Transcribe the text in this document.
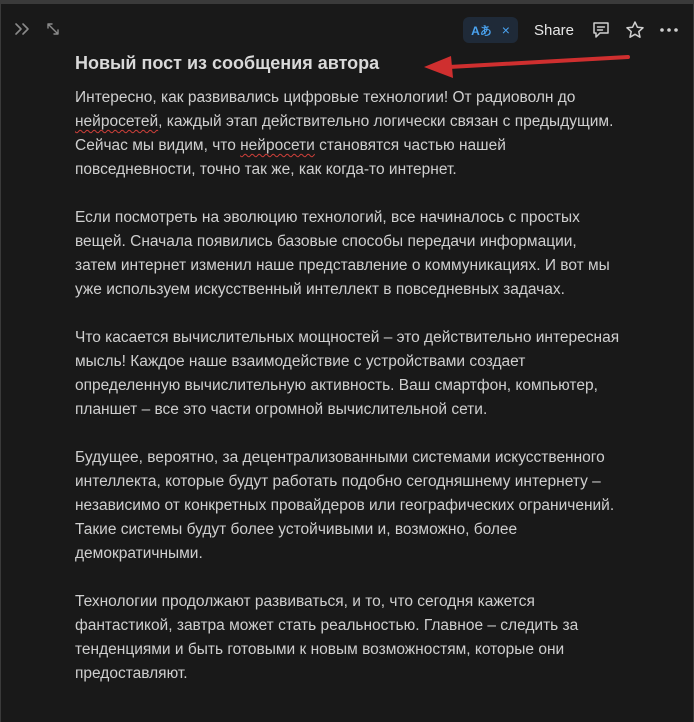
Aあ × Share
Новый пост из сообщения автора

Интересно, как развивались цифровые технологии! От радиоволн до нейросетей, каждый этап действительно логически связан с предыдущим. Сейчас мы видим, что нейросети становятся частью нашей повседневности, точно так же, как когда-то интернет.

Если посмотреть на эволюцию технологий, все начиналось с простых вещей. Сначала появились базовые способы передачи информации, затем интернет изменил наше представление о коммуникациях. И вот мы уже используем искусственный интеллект в повседневных задачах.

Что касается вычислительных мощностей – это действительно интересная мысль! Каждое наше взаимодействие с устройствами создает определенную вычислительную активность. Ваш смартфон, компьютер, планшет – все это части огромной вычислительной сети.

Будущее, вероятно, за децентрализованными системами искусственного интеллекта, которые будут работать подобно сегодняшнему интернету – независимо от конкретных провайдеров или географических ограничений. Такие системы будут более устойчивыми и, возможно, более демократичными.

Технологии продолжают развиваться, и то, что сегодня кажется фантастикой, завтра может стать реальностью. Главное – следить за тенденциями и быть готовыми к новым возможностям, которые они предоставляют.
